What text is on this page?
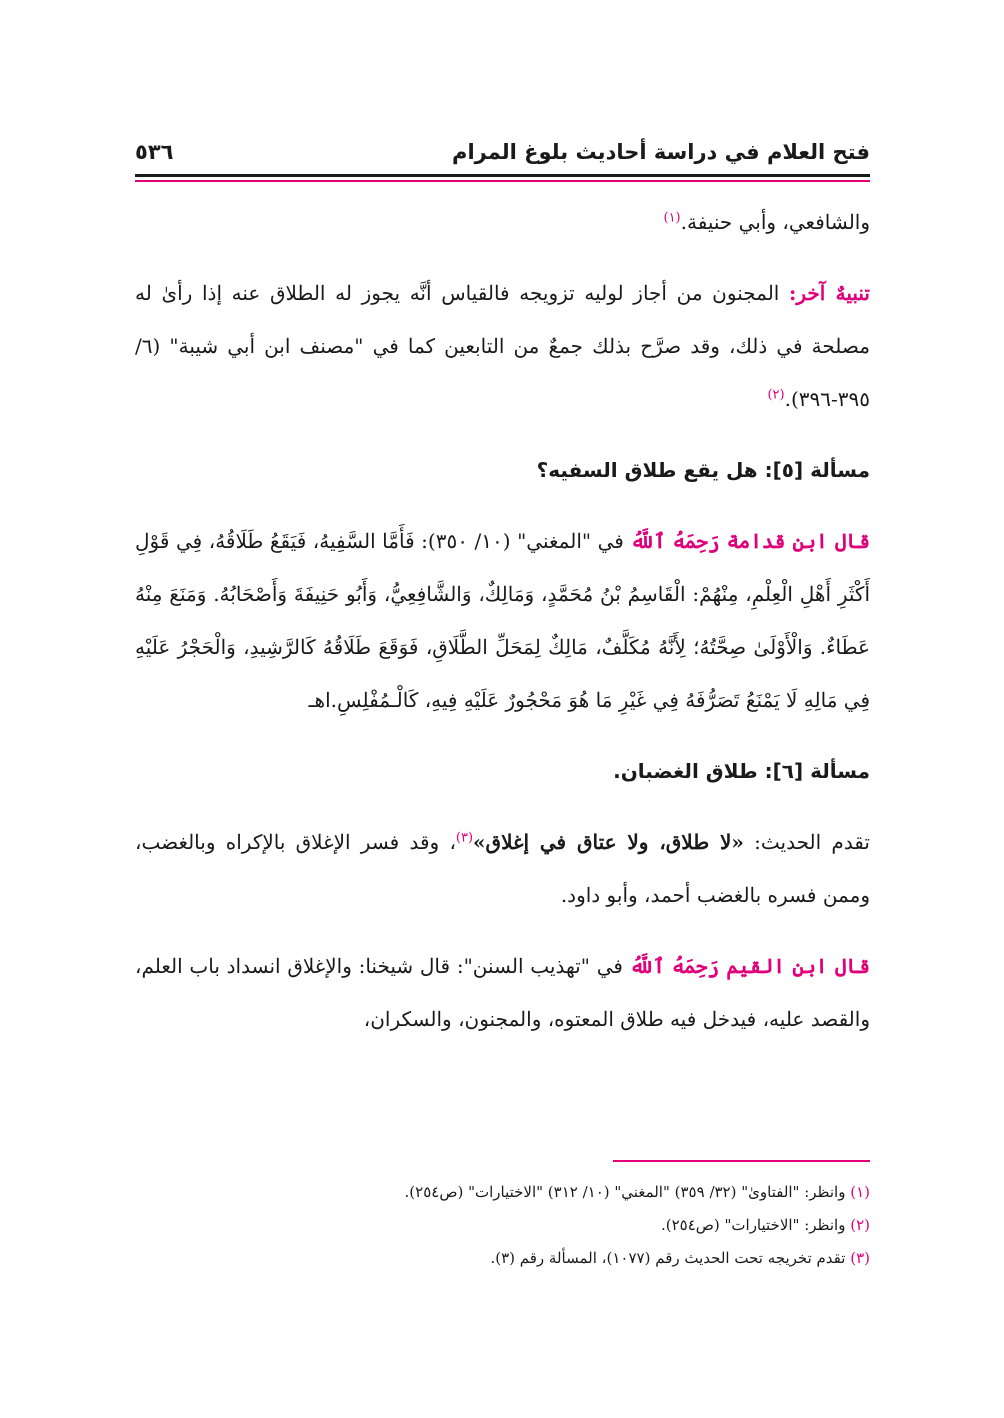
فتح العلام في دراسة أحاديث بلوغ المرام
٥٣٦

والشافعي، وأبي حنيفة.$^{(١)}$

تنبيهٌ آخر: المجنون من أجاز لوليه تزويجه فالقياس أنَّه يجوز له الطلاق عنه إذا رأىٰ له مصلحة في ذلك، وقد صرَّح بذلك جمعٌ من التابعين كما في "مصنف ابن أبي شيبة" (٦/ ٣٩٥-٣٩٦).$^{(٢)}$

مسألة [٥]: هل يقع طلاق السفيه؟

قال ابن قدامة رَحِمَهُ ٱللَّهُ في "المغني" (١٠/ ٣٥٠): فَأَمَّا السَّفِيهُ، فَيَقَعُ طَلَاقُهُ، فِي قَوْلِ أَكْثَرِ أَهْلِ الْعِلْمِ، مِنْهُمْ: الْقَاسِمُ بْنُ مُحَمَّدٍ، وَمَالِكٌ، وَالشَّافِعِيُّ، وَأَبُو حَنِيفَةَ وَأَصْحَابُهُ. وَمَنَعَ مِنْهُ عَطَاءٌ. وَالْأَوْلَىٰ صِحَّتُهُ؛ لِأَنَّهُ مُكَلَّفٌ، مَالِكٌ لِمَحَلِّ الطَّلَاقِ، فَوَقَعَ طَلَاقُهُ كَالرَّشِيدِ، وَالْحَجْرُ عَلَيْهِ فِي مَالِهِ لَا يَمْنَعُ تَصَرُّفَهُ فِي غَيْرِ مَا هُوَ مَحْجُورٌ عَلَيْهِ فِيهِ، كَالْـمُفْلِسِ.اهـ

مسألة [٦]: طلاق الغضبان.

تقدم الحديث: «لا طلاق، ولا عتاق في إغلاق»$^{(٣)}$، وقد فسر الإغلاق بالإكراه وبالغضب، وممن فسره بالغضب أحمد، وأبو داود.

قال ابن القيم رَحِمَهُ ٱللَّهُ في "تهذيب السنن": قال شيخنا: والإغلاق انسداد باب العلم، والقصد عليه، فيدخل فيه طلاق المعتوه، والمجنون، والسكران،

(١) وانظر: "الفتاوىٰ" (٣٢/ ٣٥٩) "المغني" (١٠/ ٣١٢) "الاختيارات" (ص٢٥٤).

(٢) وانظر: "الاختيارات" (ص٢٥٤).

(٣) تقدم تخريجه تحت الحديث رقم (١٠٧٧)، المسألة رقم (٣).
